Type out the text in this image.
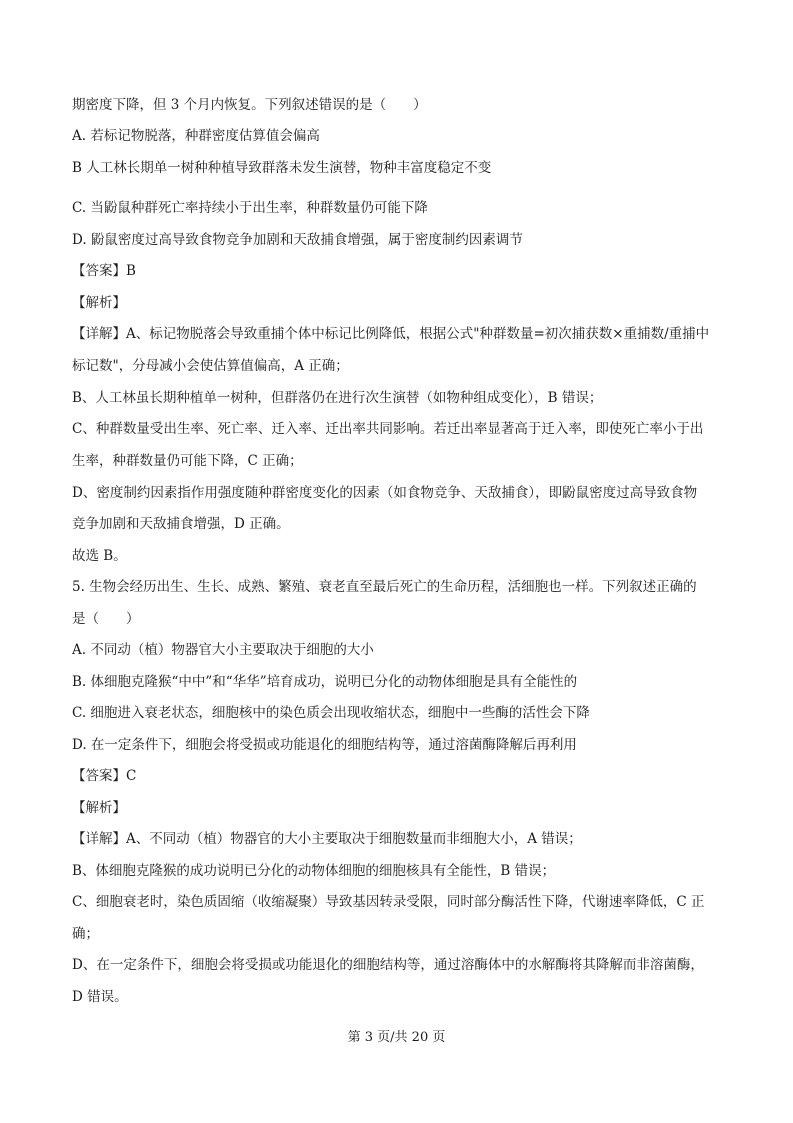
期密度下降，但 3 个月内恢复。下列叙述错误的是（　　）
A. 若标记物脱落，种群密度估算值会偏高
B 人工林长期单一树种种植导致群落未发生演替，物种丰富度稳定不变
C. 当鼢鼠种群死亡率持续小于出生率，种群数量仍可能下降
D. 鼢鼠密度过高导致食物竞争加剧和天敌捕食增强，属于密度制约因素调节
【答案】B
【解析】
【详解】A、标记物脱落会导致重捕个体中标记比例降低，根据公式"种群数量=初次捕获数×重捕数/重捕中
标记数"，分母减小会使估算值偏高，A 正确；
B、人工林虽长期种植单一树种，但群落仍在进行次生演替（如物种组成变化），B 错误；
C、种群数量受出生率、死亡率、迁入率、迁出率共同影响。若迁出率显著高于迁入率，即使死亡率小于出
生率，种群数量仍可能下降，C 正确；
D、密度制约因素指作用强度随种群密度变化的因素（如食物竞争、天敌捕食），即鼢鼠密度过高导致食物
竞争加剧和天敌捕食增强，D 正确。
故选 B。
5. 生物会经历出生、生长、成熟、繁殖、衰老直至最后死亡的生命历程，活细胞也一样。下列叙述正确的
是（　　）
A. 不同动（植）物器官大小主要取决于细胞的大小
B. 体细胞克隆猴“中中”和“华华”培育成功，说明已分化的动物体细胞是具有全能性的
C. 细胞进入衰老状态，细胞核中的染色质会出现收缩状态，细胞中一些酶的活性会下降
D. 在一定条件下，细胞会将受损或功能退化的细胞结构等，通过溶菌酶降解后再利用
【答案】C
【解析】
【详解】A、不同动（植）物器官的大小主要取决于细胞数量而非细胞大小，A 错误；
B、体细胞克隆猴的成功说明已分化的动物体细胞的细胞核具有全能性，B 错误；
C、细胞衰老时，染色质固缩（收缩凝聚）导致基因转录受限，同时部分酶活性下降，代谢速率降低，C 正
确；
D、在一定条件下，细胞会将受损或功能退化的细胞结构等，通过溶酶体中的水解酶将其降解而非溶菌酶，
D 错误。
第 3 页/共 20 页
